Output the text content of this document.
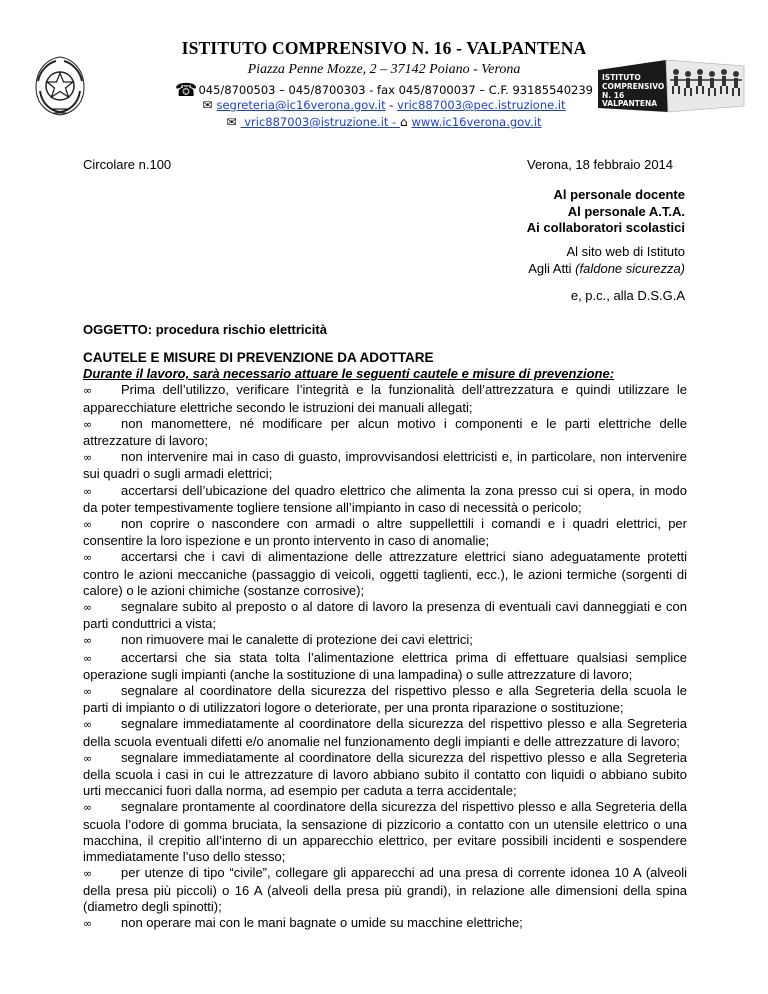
ISTITUTO COMPRENSIVO N. 16 - VALPANTENA
Piazza Penne Mozze, 2 – 37142 Poiano - Verona
☎045/8700503 – 045/8700303 - fax 045/8700037 – C.F. 93185540239
✉ segreteria@ic16verona.gov.it - vric887003@pec.istruzione.it
✉ vric887003@istruzione.it - ⌂ www.ic16verona.gov.it
ISTITUTO
COMPRENSIVO
N. 16
VALPANTENA
Circolare n.100	Verona, 18 febbraio 2014
Al personale docente
Al personale A.T.A.
Ai collaboratori scolastici
Al sito web di Istituto
Agli Atti (faldone sicurezza)
e, p.c., alla D.S.G.A
OGGETTO: procedura rischio elettricità

CAUTELE E MISURE DI PREVENZIONE DA ADOTTARE

Durante il lavoro, sarà necessario attuare le seguenti cautele e misure di prevenzione:

∞ Prima dell’utilizzo, verificare l’integrità e la funzionalità dell’attrezzatura e quindi utilizzare le apparecchiature elettriche secondo le istruzioni dei manuali allegati;

∞ non manomettere, né modificare per alcun motivo i componenti e le parti elettriche delle attrezzature di lavoro;

∞ non intervenire mai in caso di guasto, improvvisandosi elettricisti e, in particolare, non intervenire sui quadri o sugli armadi elettrici;

∞ accertarsi dell’ubicazione del quadro elettrico che alimenta la zona presso cui si opera, in modo da poter tempestivamente togliere tensione all’impianto in caso di necessità o pericolo;

∞ non coprire o nascondere con armadi o altre suppellettili i comandi e i quadri elettrici, per consentire la loro ispezione e un pronto intervento in caso di anomalie;

∞ accertarsi che i cavi di alimentazione delle attrezzature elettrici siano adeguatamente protetti contro le azioni meccaniche (passaggio di veicoli, oggetti taglienti, ecc.), le azioni termiche (sorgenti di calore) o le azioni chimiche (sostanze corrosive);

∞ segnalare subito al preposto o al datore di lavoro la presenza di eventuali cavi danneggiati e con parti conduttrici a vista;

∞ non rimuovere mai le canalette di protezione dei cavi elettrici;

∞ accertarsi che sia stata tolta l’alimentazione elettrica prima di effettuare qualsiasi semplice operazione sugli impianti (anche la sostituzione di una lampadina) o sulle attrezzature di lavoro;

∞ segnalare al coordinatore della sicurezza del rispettivo plesso e alla Segreteria della scuola le parti di impianto o di utilizzatori logore o deteriorate, per una pronta riparazione o sostituzione;

∞ segnalare immediatamente al coordinatore della sicurezza del rispettivo plesso e alla Segreteria della scuola eventuali difetti e/o anomalie nel funzionamento degli impianti e delle attrezzature di lavoro;

∞ segnalare immediatamente al coordinatore della sicurezza del rispettivo plesso e alla Segreteria della scuola i casi in cui le attrezzature di lavoro abbiano subito il contatto con liquidi o abbiano subito urti meccanici fuori dalla norma, ad esempio per caduta a terra accidentale;

∞ segnalare prontamente al coordinatore della sicurezza del rispettivo plesso e alla Segreteria della scuola l’odore di gomma bruciata, la sensazione di pizzicorio a contatto con un utensile elettrico o una macchina, il crepitio all’interno di un apparecchio elettrico, per evitare possibili incidenti e sospendere immediatamente l’uso dello stesso;

∞ per utenze di tipo “civile”, collegare gli apparecchi ad una presa di corrente idonea 10 A (alveoli della presa più piccoli) o 16 A (alveoli della presa più grandi), in relazione alle dimensioni della spina (diametro degli spinotti);

∞ non operare mai con le mani bagnate o umide su macchine elettriche;
